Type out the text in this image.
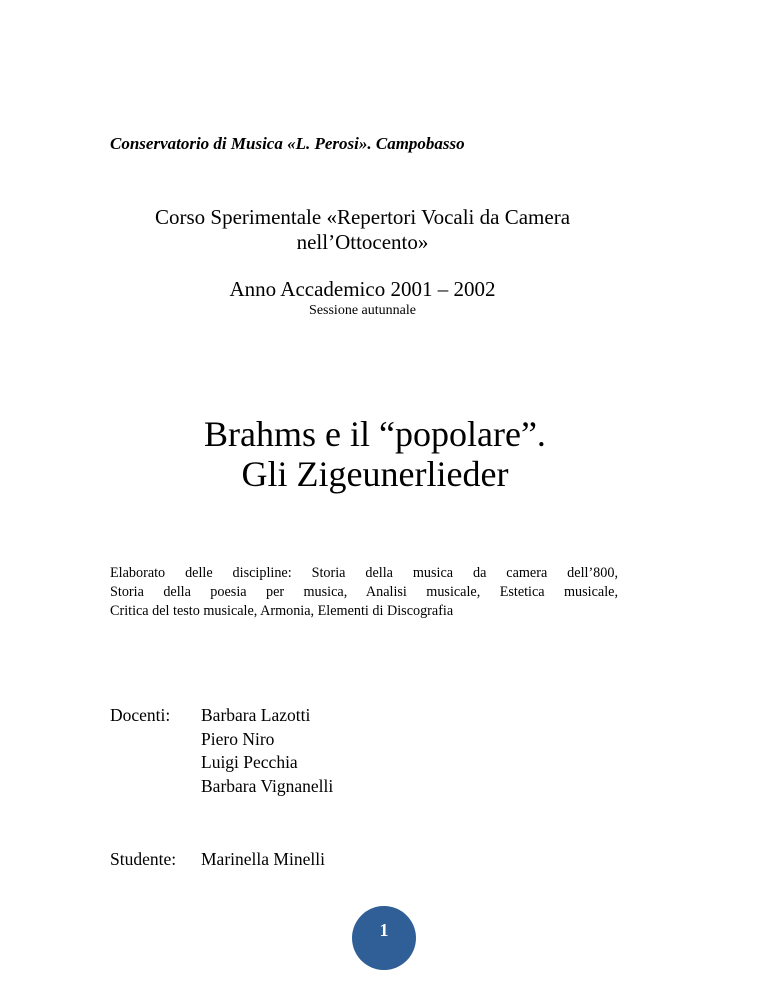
Conservatorio di Musica «L. Perosi». Campobasso
Corso Sperimentale «Repertori Vocali da Camera
nell’Ottocento»
Anno Accademico 2001 – 2002
Sessione autunnale
Brahms e il “popolare”.
Gli Zigeunerlieder
Elaborato delle discipline: Storia della musica da camera dell’800,
Storia della poesia per musica, Analisi musicale, Estetica musicale,
Critica del testo musicale, Armonia, Elementi di Discografia
Docenti: Barbara Lazotti
Piero Niro
Luigi Pecchia
Barbara Vignanelli
Studente: Marinella Minelli
1
